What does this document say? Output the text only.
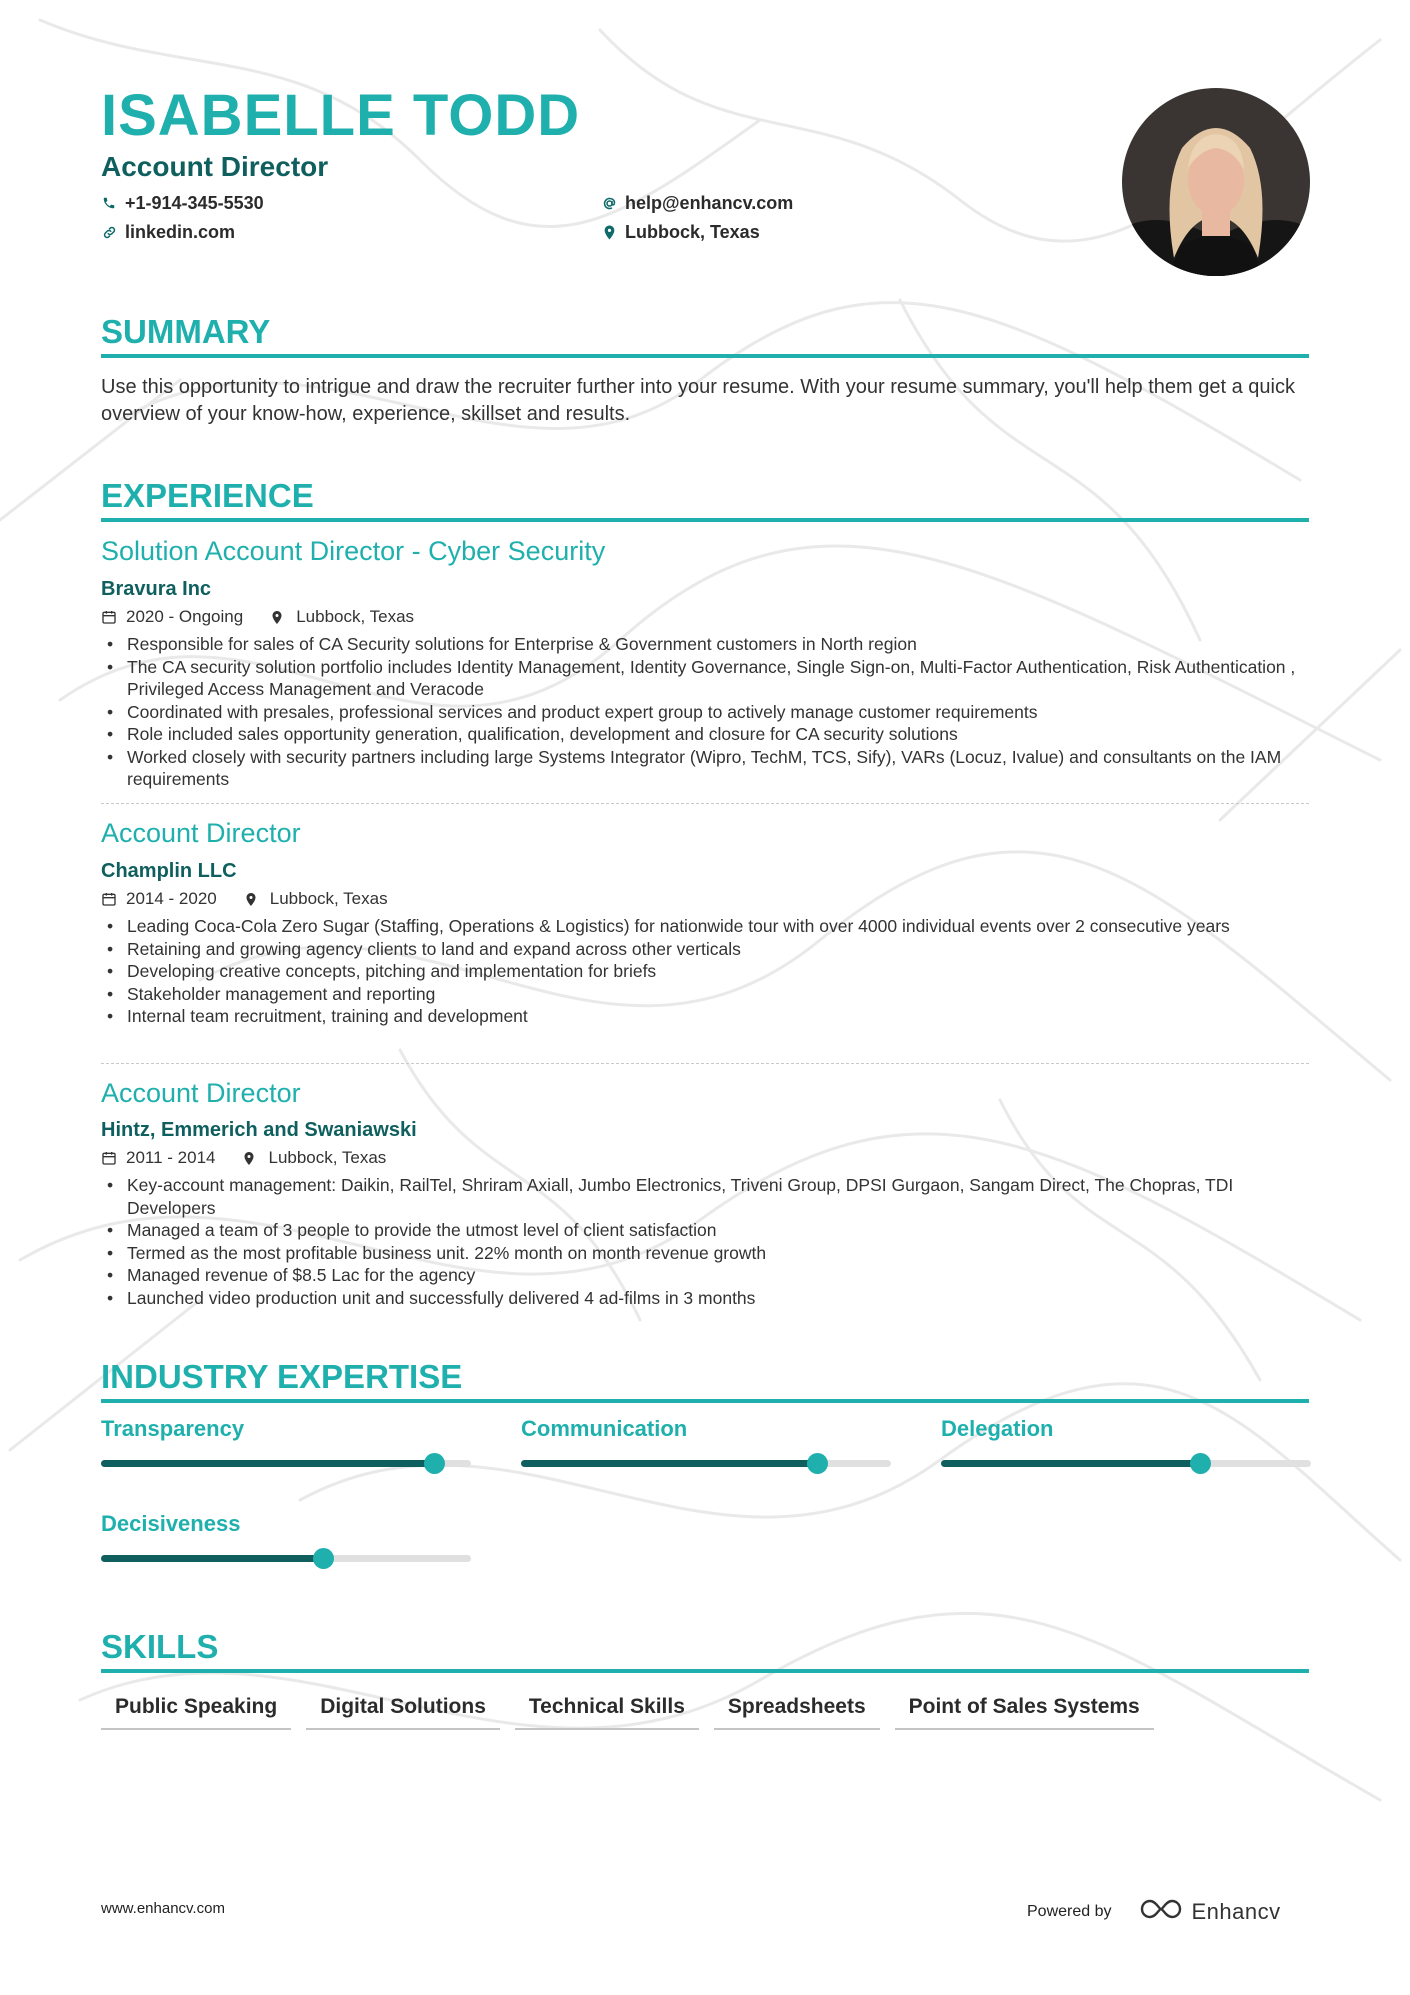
ISABELLE TODD
Account Director
+1-914-345-5530	help@enhancv.com
linkedin.com	Lubbock, Texas
SUMMARY
Use this opportunity to intrigue and draw the recruiter further into your resume. With your resume summary, you'll help them get a quick overview of your know-how, experience, skillset and results.
EXPERIENCE
Solution Account Director - Cyber Security
Bravura Inc
2020 - Ongoing	Lubbock, Texas
• Responsible for sales of CA Security solutions for Enterprise & Government customers in North region
• The CA security solution portfolio includes Identity Management, Identity Governance, Single Sign-on, Multi-Factor Authentication, Risk Authentication , Privileged Access Management and Veracode
• Coordinated with presales, professional services and product expert group to actively manage customer requirements
• Role included sales opportunity generation, qualification, development and closure for CA security solutions
• Worked closely with security partners including large Systems Integrator (Wipro, TechM, TCS, Sify), VARs (Locuz, Ivalue) and consultants on the IAM requirements
Account Director
Champlin LLC
2014 - 2020	Lubbock, Texas
• Leading Coca-Cola Zero Sugar (Staffing, Operations & Logistics) for nationwide tour with over 4000 individual events over 2 consecutive years
• Retaining and growing agency clients to land and expand across other verticals
• Developing creative concepts, pitching and implementation for briefs
• Stakeholder management and reporting
• Internal team recruitment, training and development
Account Director
Hintz, Emmerich and Swaniawski
2011 - 2014	Lubbock, Texas
• Key-account management: Daikin, RailTel, Shriram Axiall, Jumbo Electronics, Triveni Group, DPSI Gurgaon, Sangam Direct, The Chopras, TDI Developers
• Managed a team of 3 people to provide the utmost level of client satisfaction
• Termed as the most profitable business unit. 22% month on month revenue growth
• Managed revenue of $8.5 Lac for the agency
• Launched video production unit and successfully delivered 4 ad-films in 3 months
INDUSTRY EXPERTISE
Transparency	Communication	Delegation
Decisiveness
SKILLS
Public Speaking	Digital Solutions	Technical Skills	Spreadsheets	Point of Sales Systems
www.enhancv.com	Powered by	Enhancv
